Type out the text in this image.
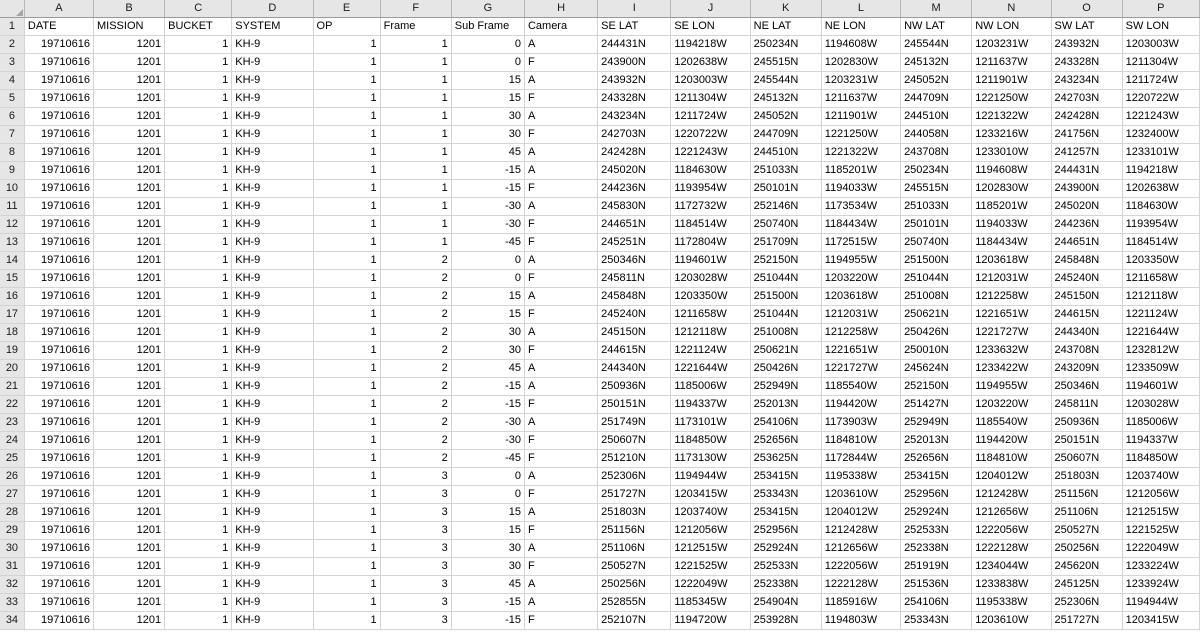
	A	B	C	D	E	F	G	H	I	J	K	L	M	N	O	P
1	DATE	MISSION	BUCKET	SYSTEM	OP	Frame	Sub Frame	Camera	SE LAT	SE LON	NE LAT	NE LON	NW LAT	NW LON	SW LAT	SW LON
2	19710616	1201	1	KH-9	1	1	0	A	244431N	1194218W	250234N	1194608W	245544N	1203231W	243932N	1203003W
3	19710616	1201	1	KH-9	1	1	0	F	243900N	1202638W	245515N	1202830W	245132N	1211637W	243328N	1211304W
4	19710616	1201	1	KH-9	1	1	15	A	243932N	1203003W	245544N	1203231W	245052N	1211901W	243234N	1211724W
5	19710616	1201	1	KH-9	1	1	15	F	243328N	1211304W	245132N	1211637W	244709N	1221250W	242703N	1220722W
6	19710616	1201	1	KH-9	1	1	30	A	243234N	1211724W	245052N	1211901W	244510N	1221322W	242428N	1221243W
7	19710616	1201	1	KH-9	1	1	30	F	242703N	1220722W	244709N	1221250W	244058N	1233216W	241756N	1232400W
8	19710616	1201	1	KH-9	1	1	45	A	242428N	1221243W	244510N	1221322W	243708N	1233010W	241257N	1233101W
9	19710616	1201	1	KH-9	1	1	-15	A	245020N	1184630W	251033N	1185201W	250234N	1194608W	244431N	1194218W
10	19710616	1201	1	KH-9	1	1	-15	F	244236N	1193954W	250101N	1194033W	245515N	1202830W	243900N	1202638W
11	19710616	1201	1	KH-9	1	1	-30	A	245830N	1172732W	252146N	1173534W	251033N	1185201W	245020N	1184630W
12	19710616	1201	1	KH-9	1	1	-30	F	244651N	1184514W	250740N	1184434W	250101N	1194033W	244236N	1193954W
13	19710616	1201	1	KH-9	1	1	-45	F	245251N	1172804W	251709N	1172515W	250740N	1184434W	244651N	1184514W
14	19710616	1201	1	KH-9	1	2	0	A	250346N	1194601W	252150N	1194955W	251500N	1203618W	245848N	1203350W
15	19710616	1201	1	KH-9	1	2	0	F	245811N	1203028W	251044N	1203220W	251044N	1212031W	245240N	1211658W
16	19710616	1201	1	KH-9	1	2	15	A	245848N	1203350W	251500N	1203618W	251008N	1212258W	245150N	1212118W
17	19710616	1201	1	KH-9	1	2	15	F	245240N	1211658W	251044N	1212031W	250621N	1221651W	244615N	1221124W
18	19710616	1201	1	KH-9	1	2	30	A	245150N	1212118W	251008N	1212258W	250426N	1221727W	244340N	1221644W
19	19710616	1201	1	KH-9	1	2	30	F	244615N	1221124W	250621N	1221651W	250010N	1233632W	243708N	1232812W
20	19710616	1201	1	KH-9	1	2	45	A	244340N	1221644W	250426N	1221727W	245624N	1233422W	243209N	1233509W
21	19710616	1201	1	KH-9	1	2	-15	A	250936N	1185006W	252949N	1185540W	252150N	1194955W	250346N	1194601W
22	19710616	1201	1	KH-9	1	2	-15	F	250151N	1194337W	252013N	1194420W	251427N	1203220W	245811N	1203028W
23	19710616	1201	1	KH-9	1	2	-30	A	251749N	1173101W	254106N	1173903W	252949N	1185540W	250936N	1185006W
24	19710616	1201	1	KH-9	1	2	-30	F	250607N	1184850W	252656N	1184810W	252013N	1194420W	250151N	1194337W
25	19710616	1201	1	KH-9	1	2	-45	F	251210N	1173130W	253625N	1172844W	252656N	1184810W	250607N	1184850W
26	19710616	1201	1	KH-9	1	3	0	A	252306N	1194944W	253415N	1195338W	253415N	1204012W	251803N	1203740W
27	19710616	1201	1	KH-9	1	3	0	F	251727N	1203415W	253343N	1203610W	252956N	1212428W	251156N	1212056W
28	19710616	1201	1	KH-9	1	3	15	A	251803N	1203740W	253415N	1204012W	252924N	1212656W	251106N	1212515W
29	19710616	1201	1	KH-9	1	3	15	F	251156N	1212056W	252956N	1212428W	252533N	1222056W	250527N	1221525W
30	19710616	1201	1	KH-9	1	3	30	A	251106N	1212515W	252924N	1212656W	252338N	1222128W	250256N	1222049W
31	19710616	1201	1	KH-9	1	3	30	F	250527N	1221525W	252533N	1222056W	251919N	1234044W	245620N	1233224W
32	19710616	1201	1	KH-9	1	3	45	A	250256N	1222049W	252338N	1222128W	251536N	1233838W	245125N	1233924W
33	19710616	1201	1	KH-9	1	3	-15	A	252855N	1185345W	254904N	1185916W	254106N	1195338W	252306N	1194944W
34	19710616	1201	1	KH-9	1	3	-15	F	252107N	1194720W	253928N	1194803W	253343N	1203610W	251727N	1203415W
